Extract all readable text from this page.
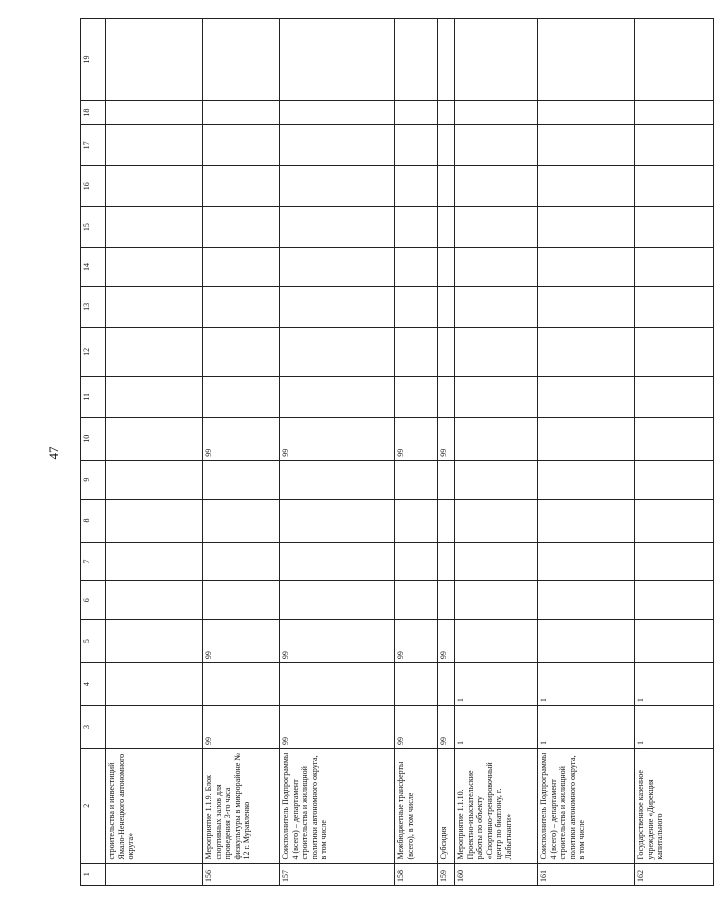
47
1	2	3	4	5	6	7	8	9	10	11	12	13	14	15	16	17	18	19
	строительства и инвестиций Ямало-Ненецкого автономного округа»																	
156	Мероприятие 1.1.9. Блок спортивных залов для проведения 3-го часа физкультуры в микрорайоне № 12 г. Муравленко	99		99					99									
157	Соисполнитель Подпрограммы 4 (всего) – департамент строительства и жилищной политики автономного округа, в том числе	99		99					99									
158	Межбюджетные трансферты (всего), в том числе	99		99					99									
159	Субсидия	99		99					99									
160	Мероприятие 1.1.10. Проектно-изыскательские работы по объекту «Спортивно-тренировочный центр по биатлону, г. Лабытнанги»	1	1															
161	Соисполнитель Подпрограммы 4 (всего) – департамент строительства и жилищной политики автономного округа, в том числе	1	1															
162	Государственное казенное учреждение «Дирекция капитального	1	1															
